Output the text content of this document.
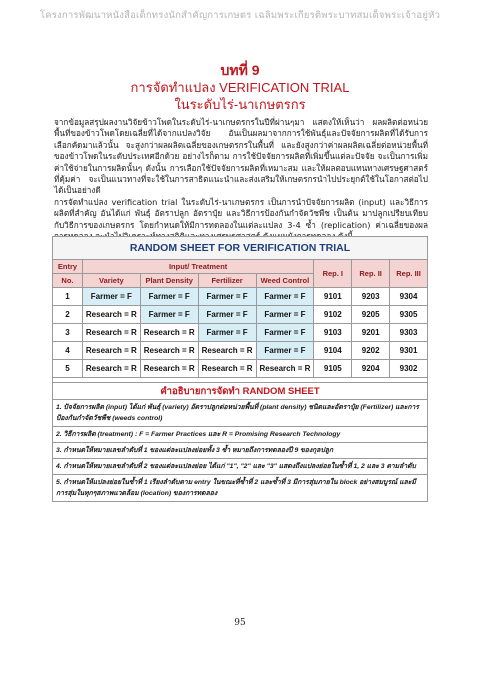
โครงการพัฒนาหนังสือเด็กทรงนักสำคัญการเกษตร เฉลิมพระเกียรติพระบาทสมเด็จพระเจ้าอยู่หัว
บทที่ 9
การจัดทำแปลง VERIFICATION TRIAL
ในระดับไร่-นาเกษตรกร

จากข้อมูลสรุปผลงานวิจัยข้าวโพดในระดับไร่-นาเกษตรกรในปีที่ผ่านๆมา แสดงให้เห็นว่า ผลผลิตต่อหน่วยพื้นที่ของข้าวโพดโดยเฉลี่ยที่ได้จากแปลงวิจัย อันเป็นผลมาจากการใช้พันธุ์และปัจจัยการผลิตที่ได้รับการเลือกคัดมาแล้วนั้น จะสูงกว่าผลผลิตเฉลี่ยของเกษตรกรในพื้นที่ และยังสูงกว่าค่าผลผลิตเฉลี่ยต่อหน่วยพื้นที่ของข้าวโพดในระดับประเทศอีกด้วย อย่างไรก็ตาม การใช้ปัจจัยการผลิตที่เพิ่มขึ้นแต่ละปัจจัย จะเป็นการเพิ่มค่าใช้จ่ายในการผลิตนั้นๆ ดังนั้น การเลือกใช้ปัจจัยการผลิตที่เหมาะสม และให้ผลตอบแทนทางเศรษฐศาสตร์ที่คุ้มค่า จะเป็นแนวทางที่จะใช้ในการสาธิตแนะนำและส่งเสริมให้เกษตรกรนำไปประยุกต์ใช้ในโอกาสต่อไปได้เป็นอย่างดี

การจัดทำแปลง verification trial ในระดับไร่-นาเกษตรกร เป็นการนำปัจจัยการผลิต (input) และวิธีการผลิตที่สำคัญ อันได้แก่ พันธุ์ อัตราปลูก อัตราปุ๋ย และวิธีการป้องกันกำจัดวัชพืช เป็นต้น มาปลูกเปรียบเทียบกับวิธีการของเกษตรกร โดยกำหนดให้มีการทดลองในแต่ละแปลง 3-4 ซ้ำ (replication) ค่าเฉลี่ยของผล

RANDOM SHEET FOR VERIFICATION TRIAL							
Entry	Input/ Treatment				Rep. I	Rep. II	Rep. III
No.	Variety	Plant Density	Fertilizer	Weed Control			
1	Farmer = F	Farmer = F	Farmer = F	Farmer = F	9101	9203	9304
2	Research = R	Farmer = F	Farmer = F	Farmer = F	9102	9205	9305
3	Research = R	Research = R	Farmer = F	Farmer = F	9103	9201	9303
4	Research = R	Research = R	Research = R	Farmer = F	9104	9202	9301
5	Research = R	Research = R	Research = R	Research = R	9105	9204	9302

คำอธิบายการจัดทำ RANDOM SHEET							
1. ปัจจัยการผลิต (input) ได้แก่ พันธุ์ (variety) อัตราปลูกต่อหน่วยพื้นที่ (plant density) ชนิดและอัตราปุ๋ย (Fertilizer) และการป้องกันกำจัดวัชพืช (weeds control)							
2. วิธีการผลิต (treatment) : F = Farmer Practices และ R = Promising Research Technology							
3. กำหนดให้หมายเลขลำดับที่ 1 ของแต่ละแปลงย่อยทั้ง 3 ซ้ำ หมายถึงการทดลองปี 9 ของกุลปลูก							
4. กำหนดให้หมายเลขลำดับที่ 2 ของแต่ละแปลงย่อย ได้แก่ "1", "2" และ "3" แสดงถึงแปลงย่อยในซ้ำที่ 1, 2 และ 3 ตามลำดับ							
5. กำหนดให้แปลงย่อยในซ้ำที่ 1 เรียงลำดับตาม entry ในขณะที่ซ้ำที่ 2 และซ้ำที่ 3 มีการสุ่มภายใน block อย่างสมบูรณ์ และมีการสุ่มในทุกๆสภาพแวดล้อม (location) ของการทดลอง							
95
